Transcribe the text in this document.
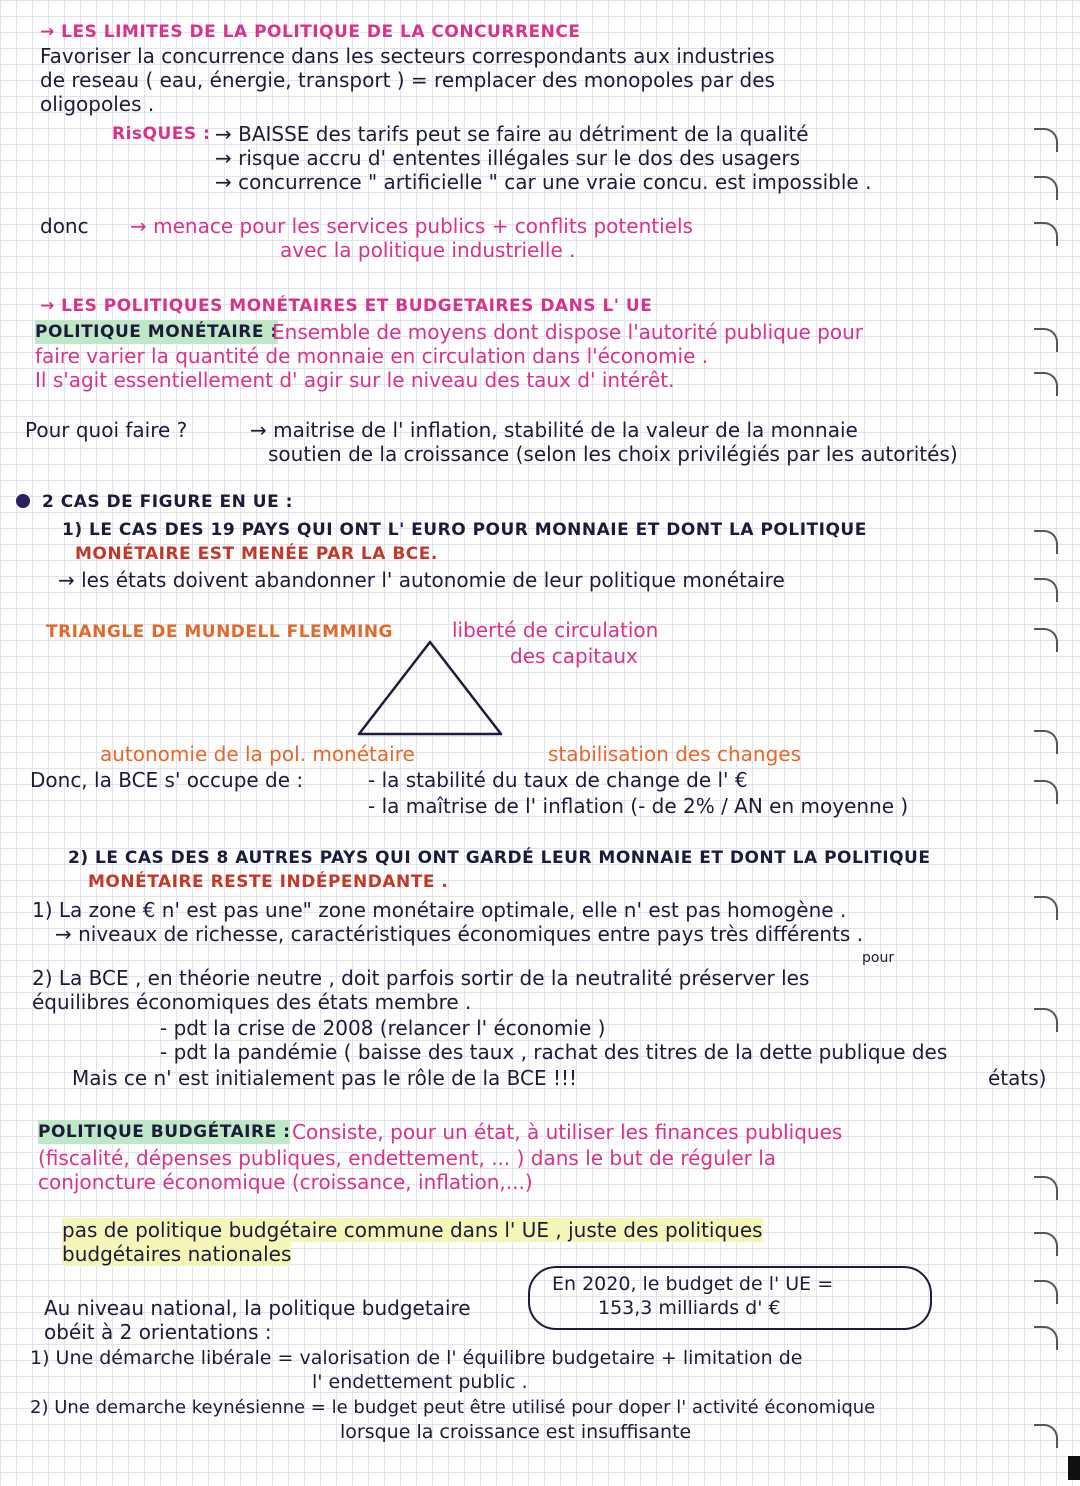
→ LES LIMITES DE LA POLITIQUE DE LA CONCURRENCE
Favoriser la concurrence dans les secteurs correspondants aux industries
de reseau ( eau, énergie, transport ) = remplacer des monopoles par des
oligopoles .
RisQUES : → BAISSE des tarifs peut se faire au détriment de la qualité
→ risque accru d' ententes illégales sur le dos des usagers
→ concurrence " artificielle " car une vraie concu. est impossible .
donc → menace pour les services publics + conflits potentiels
avec la politique industrielle .
→ LES POLITIQUES MONÉTAIRES ET BUDGETAIRES DANS L' UE
POLITIQUE MONÉTAIRE :
Ensemble de moyens dont dispose l'autorité publique pour
faire varier la quantité de monnaie en circulation dans l'économie .
Il s'agit essentiellement d' agir sur le niveau des taux d' intérêt.
Pour quoi faire ?	→ maitrise de l' inflation, stabilité de la valeur de la monnaie
soutien de la croissance (selon les choix privilégiés par les autorités)
2 CAS DE FIGURE EN UE :
1) LE CAS DES 19 PAYS QUI ONT L' EURO POUR MONNAIE ET DONT LA POLITIQUE
MONÉTAIRE EST MENÉE PAR LA BCE.
→ les états doivent abandonner l' autonomie de leur politique monétaire
TRIANGLE DE MUNDELL FLEMMING	liberté de circulation
des capitaux
autonomie de la pol. monétaire	stabilisation des changes
Donc, la BCE s' occupe de :	- la stabilité du taux de change de l' €
- la maîtrise de l' inflation (- de 2% / AN en moyenne )
2) LE CAS DES 8 AUTRES PAYS QUI ONT GARDÉ LEUR MONNAIE ET DONT LA POLITIQUE
MONÉTAIRE RESTE INDÉPENDANTE .
1) La zone € n' est pas une" zone monétaire optimale, elle n' est pas homogène .
→ niveaux de richesse, caractéristiques économiques entre pays très différents .
pour
2) La BCE , en théorie neutre , doit parfois sortir de la neutralité préserver les
équilibres économiques des états membre .
- pdt la crise de 2008 (relancer l' économie )
- pdt la pandémie ( baisse des taux , rachat des titres de la dette publique des
Mais ce n' est initialement pas le rôle de la BCE !!!	états)
POLITIQUE BUDGÉTAIRE : Consiste, pour un état, à utiliser les finances publiques
(fiscalité, dépenses publiques, endettement, ... ) dans le but de réguler la
conjoncture économique (croissance, inflation,...)
pas de politique budgétaire commune dans l' UE , juste des politiques
budgétaires nationales
En 2020, le budget de l' UE =
153,3 milliards d' €
Au niveau national, la politique budgetaire
obéit à 2 orientations :
1) Une démarche libérale = valorisation de l' équilibre budgetaire + limitation de
l' endettement public .
2) Une demarche keynésienne = le budget peut être utilisé pour doper l' activité économique
lorsque la croissance est insuffisante
